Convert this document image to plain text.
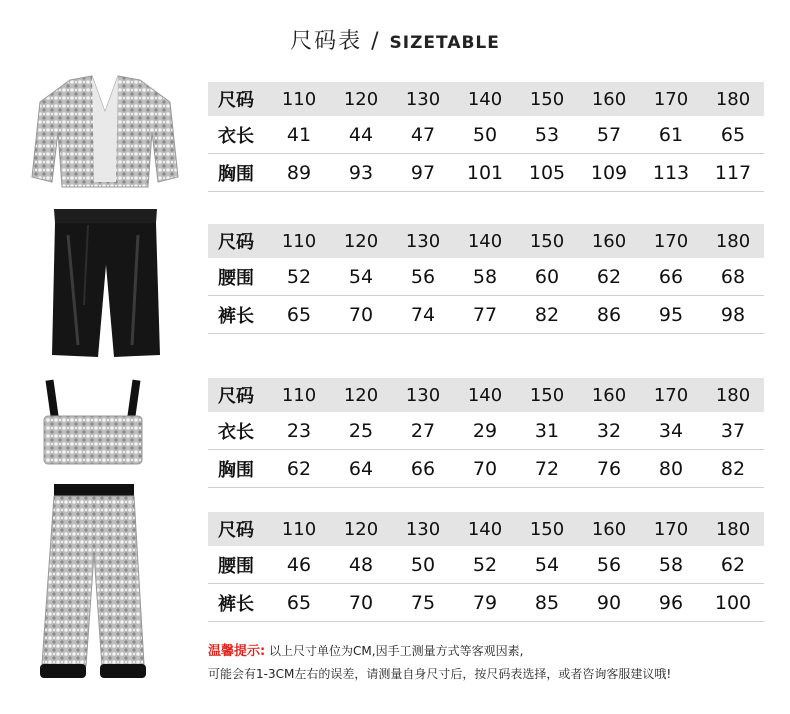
尺码表 / SIZETABLE
尺码	110	120	130	140	150	160	170	180
衣长	41	44	47	50	53	57	61	65
胸围	89	93	97	101	105	109	113	117
尺码	110	120	130	140	150	160	170	180
腰围	52	54	56	58	60	62	66	68
裤长	65	70	74	77	82	86	95	98
尺码	110	120	130	140	150	160	170	180
衣长	23	25	27	29	31	32	34	37
胸围	62	64	66	70	72	76	80	82
尺码	110	120	130	140	150	160	170	180
腰围	46	48	50	52	54	56	58	62
裤长	65	70	75	79	85	90	96	100
温馨提示: 以上尺寸单位为CM,因手工测量方式等客观因素,
可能会有1-3CM左右的误差，请测量自身尺寸后，按尺码表选择，或者咨询客服建议哦!
